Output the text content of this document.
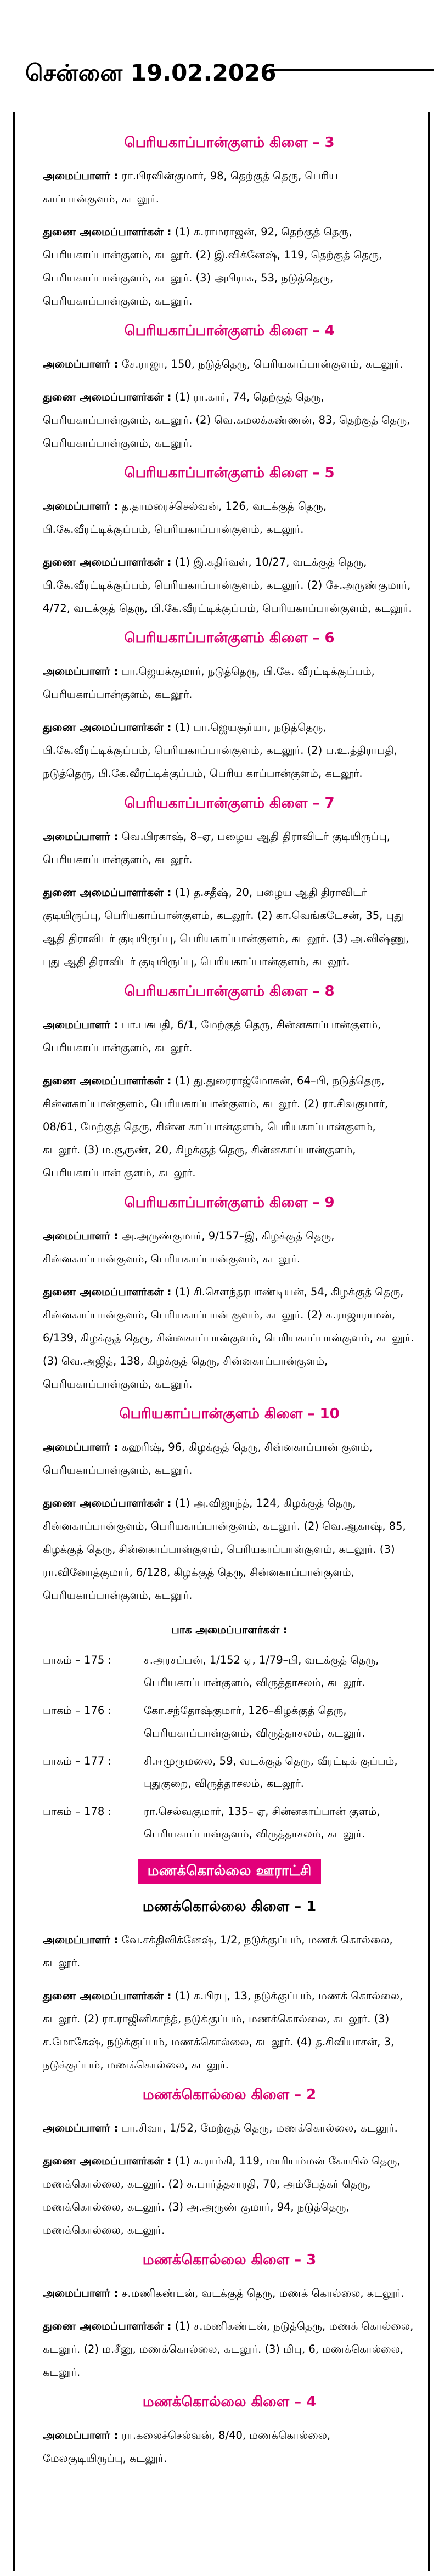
சென்னை 19.02.2026
பெரியகாப்பான்குளம் கிளை – 3

அமைப்பாளர் : ரா.பிரவின்குமார், 98, தெற்குத் தெரு, பெரிய காப்பான்குளம், கடலூர்.

துணை அமைப்பாளர்கள் : (1) சு.ராமராஜன், 92, தெற்குத் தெரு, பெரியகாப்பான்குளம், கடலூர். (2) இ.விக்னேஷ், 119, தெற்குத் தெரு, பெரியகாப்பான்குளம், கடலூர். (3) அபிராசு, 53, நடுத்தெரு, பெரியகாப்பான்குளம், கடலூர்.

பெரியகாப்பான்குளம் கிளை – 4

அமைப்பாளர் : சே.ராஜா, 150, நடுத்தெரு, பெரியகாப்பான்குளம், கடலூர்.

துணை அமைப்பாளர்கள் : (1) ரா.கார், 74, தெற்குத் தெரு, பெரியகாப்பான்குளம், கடலூர். (2) வெ.கமலக்கண்ணன், 83, தெற்குத் தெரு, பெரியகாப்பான்குளம், கடலூர்.

பெரியகாப்பான்குளம் கிளை – 5

அமைப்பாளர் : த.தாமரைச்செல்வன், 126, வடக்குத் தெரு, பி.கே.வீரட்டிக்குப்பம், பெரியகாப்பான்குளம், கடலூர்.

துணை அமைப்பாளர்கள் : (1) இ.கதிர்வள், 10/27, வடக்குத் தெரு, பி.கே.வீரட்டிக்குப்பம், பெரியகாப்பான்குளம், கடலூர். (2) சே.அருண்குமார், 4/72, வடக்குத் தெரு, பி.கே.வீரட்டிக்குப்பம், பெரியகாப்பான்குளம், கடலூர்.

பெரியகாப்பான்குளம் கிளை – 6

அமைப்பாளர் : பா.ஜெயக்குமார், நடுத்தெரு, பி.கே. வீரட்டிக்குப்பம், பெரியகாப்பான்குளம், கடலூர்.

துணை அமைப்பாளர்கள் : (1) பா.ஜெயசூர்யா, நடுத்தெரு, பி.கே.வீரட்டிக்குப்பம், பெரியகாப்பான்குளம், கடலூர். (2) ப.உ.த்திராபதி, நடுத்தெரு, பி.கே.வீரட்டிக்குப்பம், பெரிய காப்பான்குளம், கடலூர்.

பெரியகாப்பான்குளம் கிளை – 7

அமைப்பாளர் : வெ.பிரகாஷ், 8–ஏ, பழைய ஆதி திராவிடர் குடியிருப்பு, பெரியகாப்பான்குளம், கடலூர்.

துணை அமைப்பாளர்கள் : (1) த.சதீஷ், 20, பழைய ஆதி திராவிடர் குடியிருப்பு, பெரியகாப்பான்குளம், கடலூர். (2) கா.வெங்கடேசன், 35, புது ஆதி திராவிடர் குடியிருப்பு, பெரியகாப்பான்குளம், கடலூர். (3) அ.விஷ்ணு, புது ஆதி திராவிடர் குடியிருப்பு, பெரியகாப்பான்குளம், கடலூர்.

பெரியகாப்பான்குளம் கிளை – 8

அமைப்பாளர் : பா.பசுபதி, 6/1, மேற்குத் தெரு, சின்னகாப்பான்குளம், பெரியகாப்பான்குளம், கடலூர்.

துணை அமைப்பாளர்கள் : (1) து.துரைராஜ்மோகன், 64–பி, நடுத்தெரு, சின்னகாப்பான்குளம், பெரியகாப்பான்குளம், கடலூர். (2) ரா.சிவகுமார், 08/61, மேற்குத் தெரு, சின்ன காப்பான்குளம், பெரியகாப்பான்குளம், கடலூர். (3) ம.சூருண், 20, கிழக்குத் தெரு, சின்னகாப்பான்குளம், பெரியகாப்பான் குளம், கடலூர்.

பெரியகாப்பான்குளம் கிளை – 9

அமைப்பாளர் : அ.அருண்குமார், 9/157–இ, கிழக்குத் தெரு, சின்னகாப்பான்குளம், பெரியகாப்பான்குளம், கடலூர்.

துணை அமைப்பாளர்கள் : (1) சி.சௌந்தரபாண்டியன், 54, கிழக்குத் தெரு, சின்னகாப்பான்குளம், பெரியகாப்பான் குளம், கடலூர். (2) சு.ராஜாராமன், 6/139, கிழக்குத் தெரு, சின்னகாப்பான்குளம், பெரியகாப்பான்குளம், கடலூர். (3) வெ.அஜித், 138, கிழக்குத் தெரு, சின்னகாப்பான்குளம், பெரியகாப்பான்குளம், கடலூர்.

பெரியகாப்பான்குளம் கிளை – 10

அமைப்பாளர் : கஹரிஷ், 96, கிழக்குத் தெரு, சின்னகாப்பான் குளம், பெரியகாப்பான்குளம், கடலூர்.

துணை அமைப்பாளர்கள் : (1) அ.விஜாந்த், 124, கிழக்குத் தெரு, சின்னகாப்பான்குளம், பெரியகாப்பான்குளம், கடலூர். (2) வெ.ஆகாஷ், 85, கிழக்குத் தெரு, சின்னகாப்பான்குளம், பெரியகாப்பான்குளம், கடலூர். (3) ரா.வினோத்குமார், 6/128, கிழக்குத் தெரு, சின்னகாப்பான்குளம், பெரியகாப்பான்குளம், கடலூர்.

பாக அமைப்பாளர்கள் :
பாகம் – 175 :	ச.அரசப்பன், 1/152 ஏ, 1/79–பி, வடக்குத் தெரு, பெரியகாப்பான்குளம், விருத்தாசலம், கடலூர்.
பாகம் – 176 :	கோ.சந்தோஷ்குமார், 126–கிழக்குத் தெரு, பெரியகாப்பான்குளம், விருத்தாசலம், கடலூர்.
பாகம் – 177 :	சி.ஈமுருமலை, 59, வடக்குத் தெரு, வீரட்டிக் குப்பம், புதுகுறை, விருத்தாசலம், கடலூர்.
பாகம் – 178 :	ரா.செல்வகுமார், 135– ஏ, சின்னகாப்பான் குளம், பெரியகாப்பான்குளம், விருத்தாசலம், கடலூர்.
மணக்கொல்லை ஊராட்சி
மணக்கொல்லை கிளை – 1

அமைப்பாளர் : வே.சக்திவிக்னேஷ், 1/2, நடுக்குப்பம், மணக் கொல்லை, கடலூர்.

துணை அமைப்பாளர்கள் : (1) சு.பிரபு, 13, நடுக்குப்பம், மணக் கொல்லை, கடலூர். (2) ரா.ராஜினிகாந்த், நடுக்குப்பம், மணக்கொல்லை, கடலூர். (3) ச.மோகேஷ், நடுக்குப்பம், மணக்கொல்லை, கடலூர். (4) த.சிவியாசன், 3, நடுக்குப்பம், மணக்கொல்லை, கடலூர்.

மணக்கொல்லை கிளை – 2

அமைப்பாளர் : பா.சிவா, 1/52, மேற்குத் தெரு, மணக்கொல்லை, கடலூர்.

துணை அமைப்பாளர்கள் : (1) சு.ராம்கி, 119, மாரியம்மன் கோயில் தெரு, மணக்கொல்லை, கடலூர். (2) சு.பார்த்தசாரதி, 70, அம்பேத்கர் தெரு, மணக்கொல்லை, கடலூர். (3) அ.அருண் குமார், 94, நடுத்தெரு, மணக்கொல்லை, கடலூர்.

மணக்கொல்லை கிளை – 3

அமைப்பாளர் : ச.மணிகண்டன், வடக்குத் தெரு, மணக் கொல்லை, கடலூர்.

துணை அமைப்பாளர்கள் : (1) ச.மணிகண்டன், நடுத்தெரு, மணக் கொல்லை, கடலூர். (2) ம.சீனு, மணக்கொல்லை, கடலூர். (3) மிபு, 6, மணக்கொல்லை, கடலூர்.

மணக்கொல்லை கிளை – 4

அமைப்பாளர் : ரா.கலைச்செல்வன், 8/40, மணக்கொல்லை, மேலகுடியிருப்பு, கடலூர்.
